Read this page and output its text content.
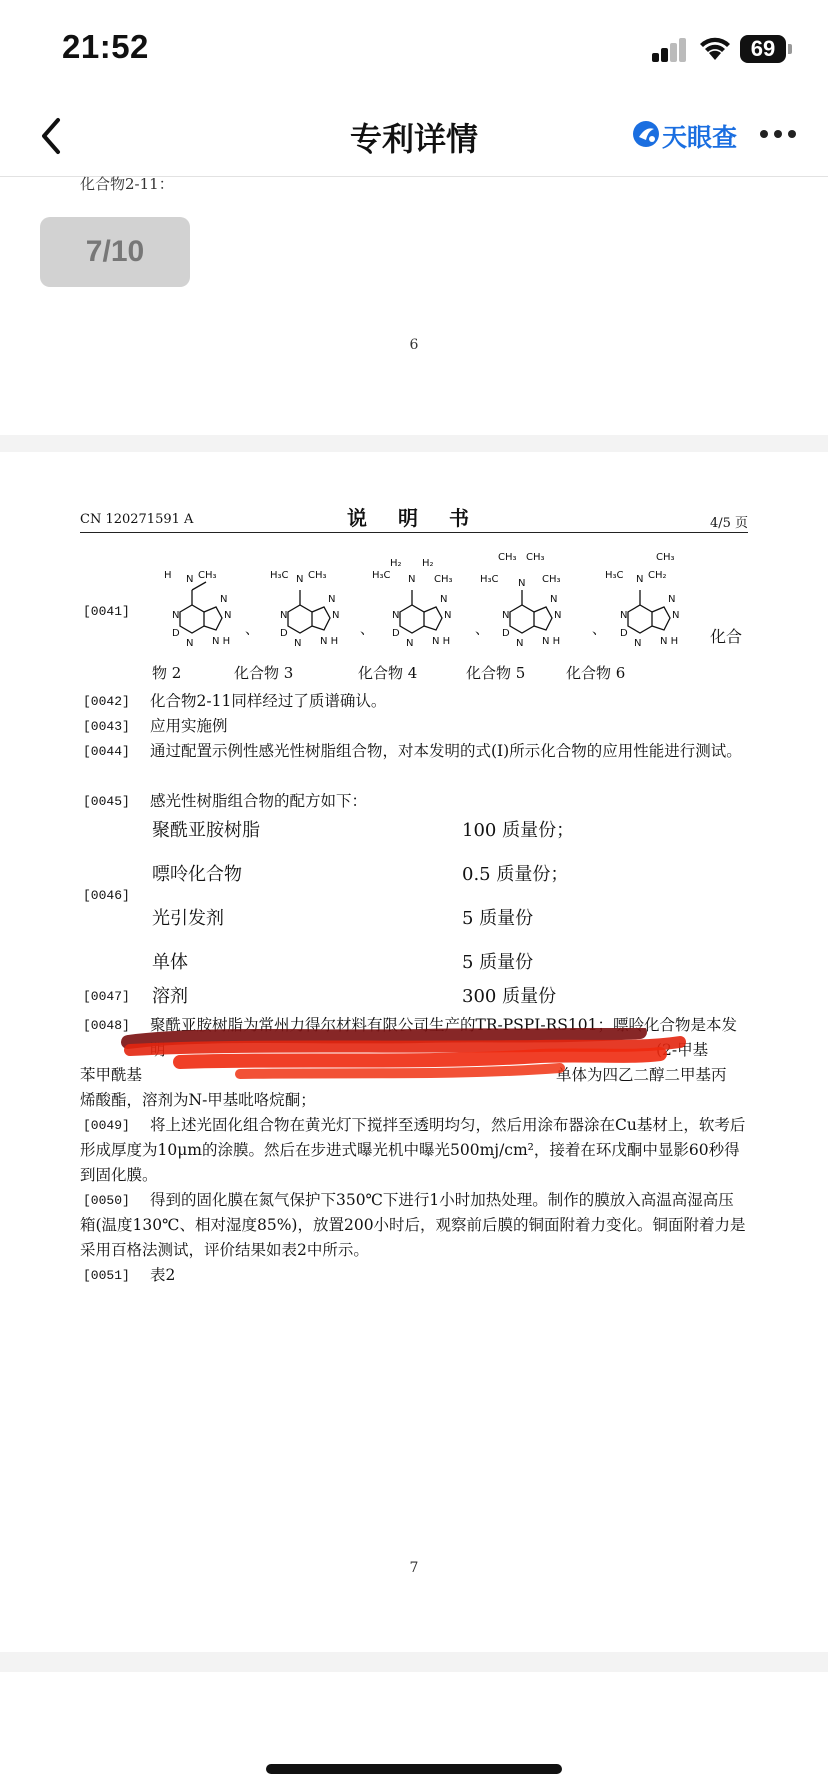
21:52	69
专利详情	天眼查
化合物2-11：
7/10
6
CN 120271591 A	说 明 书	4/5 页
[0041]
H N CH₃
N
D
N
N
N
N H
、
H₃C N CH₃
N
D
N
N
N
N H
、
H₃C
H₂
N
H₂
CH₃
N
D
N
N
N
N H
、
H₃C
CH₃ CH₃
N CH₃
N
D
N
N
N
N H
、
H₃C N CH₂
CH₃
N
D
N
N
N
N H 化合
物 2	化合物 3	化合物 4	化合物 5	化合物 6
[0042] 化合物2-11同样经过了质谱确认。
[0043] 应用实施例
[0044]	通过配置示例性感光性树脂组合物，对本发明的式(I)所示化合物的应用性能进行测试。
[0045] 感光性树脂组合物的配方如下：
[0046]
聚酰亚胺树脂	100 质量份；
嘌呤化合物	0.5 质量份；
光引发剂	5 质量份
单体	5 质量份
[0047] 溶剂	300 质量份
[0048] 聚酰亚胺树脂为常州力得尔材料有限公司生产的TR-PSPI-RS101；嘌呤化合物是本发明	(2-甲基
苯甲酰基	单体为四乙二醇二甲基丙
烯酸酯，溶剂为N-甲基吡咯烷酮；
[0049]	将上述光固化组合物在黄光灯下搅拌至透明均匀，然后用涂布器涂在Cu基材上，软考后形成厚度为10μm的涂膜。然后在步进式曝光机中曝光500mj/cm²，接着在环戊酮中显影60秒得到固化膜。
[0050]	得到的固化膜在氮气保护下350℃下进行1小时加热处理。制作的膜放入高温高湿高压箱(温度130℃、相对湿度85%)，放置200小时后，观察前后膜的铜面附着力变化。铜面附着力是采用百格法测试，评价结果如表2中所示。
[0051] 表2
7
